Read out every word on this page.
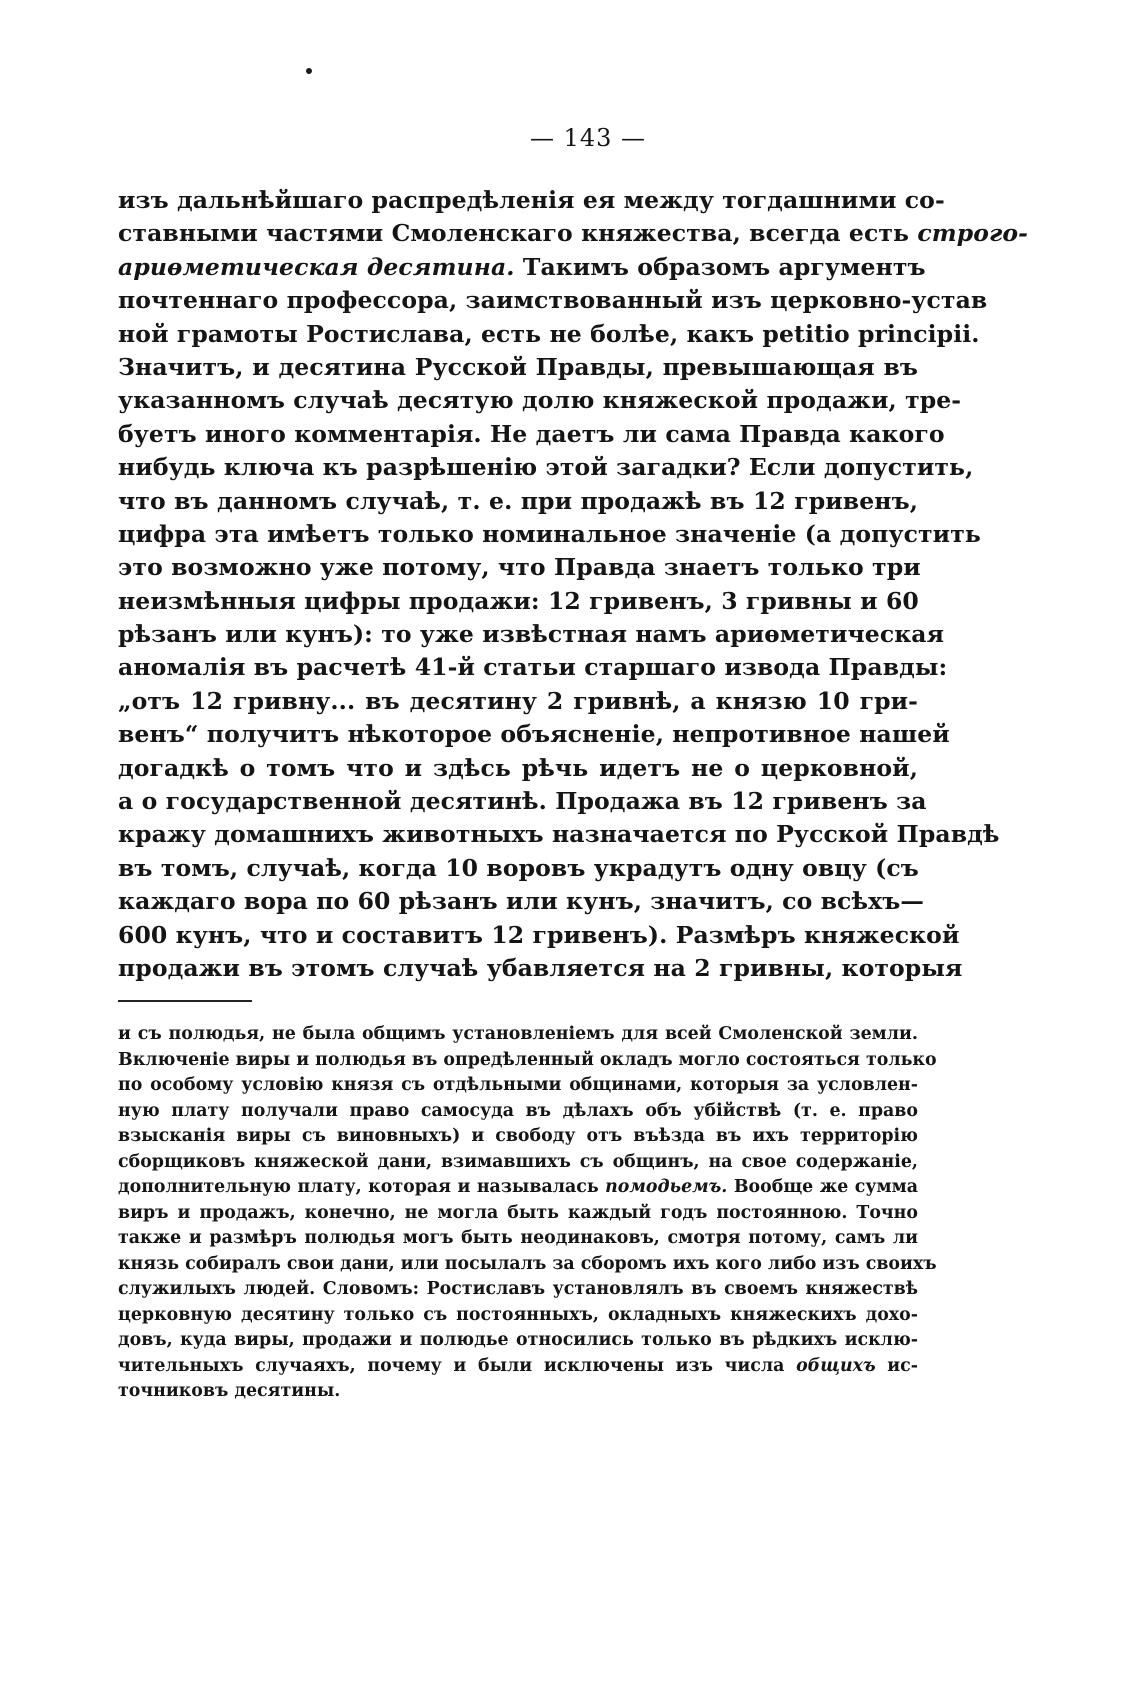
— 143 —
изъ дальнѣйшаго распредѣленія ея между тогдашними со-
ставными частями Смоленскаго княжества, всегда есть строго-
ариѳметическая десятина. Такимъ образомъ аргументъ
почтеннаго профессора, заимствованный изъ церковно-устав
ной грамоты Ростислава, есть не болѣе, какъ petitio principii.
Значитъ, и десятина Русской Правды, превышающая въ
указанномъ случаѣ десятую долю княжеской продажи, тре-
буетъ иного комментарія. Не даетъ ли сама Правда какого
нибудь ключа къ разрѣшенію этой загадки? Если допустить,
что въ данномъ случаѣ, т. е. при продажѣ въ 12 гривенъ,
цифра эта имѣетъ только номинальное значеніе (а допустить
это возможно уже потому, что Правда знаетъ только три
неизмѣнныя цифры продажи: 12 гривенъ, 3 гривны и 60
рѣзанъ или кунъ): то уже извѣстная намъ ариѳметическая
аномалія въ расчетѣ 41-й статьи старшаго извода Правды:
„отъ 12 гривну... въ десятину 2 гривнѣ, а князю 10 гри-
венъ“ получитъ нѣкоторое объясненіе, непротивное нашей
догадкѣ о томъ что и здѣсь рѣчь идетъ не о церковной,
а о государственной десятинѣ. Продажа въ 12 гривенъ за
кражу домашнихъ животныхъ назначается по Русской Правдѣ
въ томъ, случаѣ, когда 10 воровъ украдутъ одну овцу (съ
каждаго вора по 60 рѣзанъ или кунъ, значитъ, со всѣхъ—
600 кунъ, что и составитъ 12 гривенъ). Размѣръ княжеской
продажи въ этомъ случаѣ убавляется на 2 гривны, которыя
и съ полюдья, не была общимъ установленіемъ для всей Смоленской земли.
Включеніе виры и полюдья въ опредѣленный окладъ могло состояться только
по особому условію князя съ отдѣльными общинами, которыя за условлен-
ную плату получали право самосуда въ дѣлахъ объ убійствѣ (т. е. право
взысканія виры съ виновныхъ) и свободу отъ въѣзда въ ихъ территорію
сборщиковъ княжеской дани, взимавшихъ съ общинъ, на свое содержаніе,
дополнительную плату, которая и называлась помодьемъ. Вообще же сумма
виръ и продажъ, конечно, не могла быть каждый годъ постоянною. Точно
также и размѣръ полюдья могъ быть неодинаковъ, смотря потому, самъ ли
князь собиралъ свои дани, или посылалъ за сборомъ ихъ кого либо изъ своихъ
служилыхъ людей. Словомъ: Ростиславъ установлялъ въ своемъ княжествѣ
церковную десятину только съ постоянныхъ, окладныхъ княжескихъ дохо-
довъ, куда виры, продажи и полюдье относились только въ рѣдкихъ исклю-
чительныхъ случаяхъ, почему и были исключены изъ числа общихъ ис-
точниковъ десятины.
